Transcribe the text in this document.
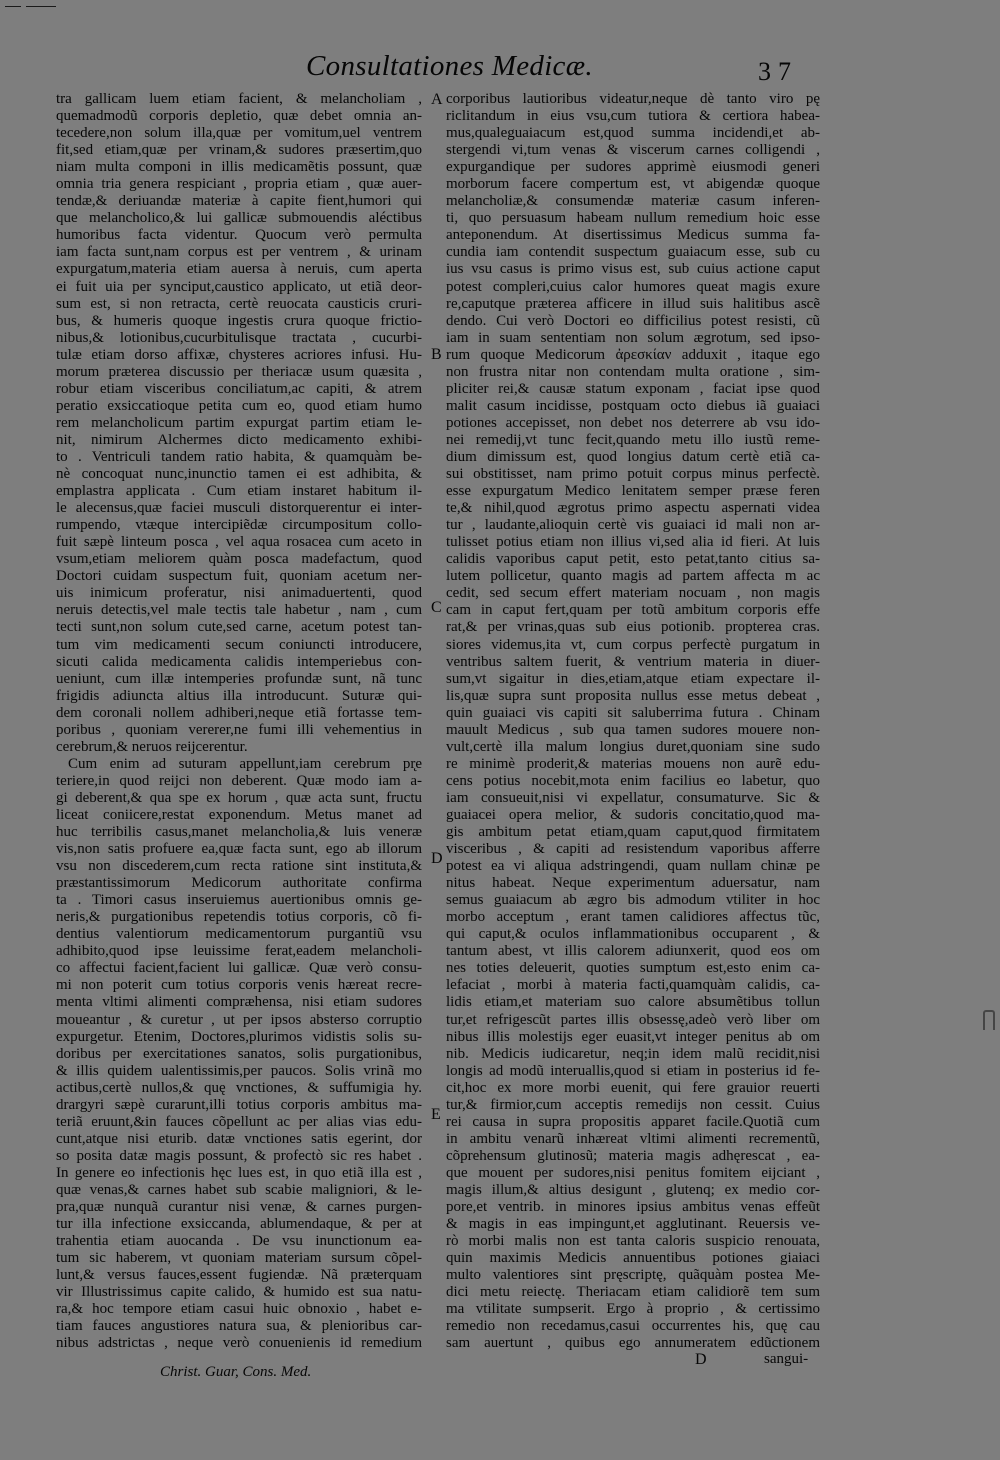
Consultationes Medicæ.	37
tra gallicam luem etiam facient, & melancholiam ,
quemadmodũ corporis depletio, quæ debet omnia an-
tecedere,non solum illa,quæ per vomitum,uel ventrem
fit,sed etiam,quæ per vrinam,& sudores præsertim,quo
niam multa componi in illis medicamẽtis possunt, quæ
omnia tria genera respiciant , propria etiam , quæ auer-
tendæ,& deriuandæ materiæ à capite fient,humori qui
que melancholico,& lui gallicæ submouendis aléctibus
humoribus facta videntur. Quocum verò permulta
iam facta sunt,nam corpus est per ventrem , & urinam
expurgatum,materia etiam auersa à neruis, cum aperta
ei fuit uia per synciput,caustico applicato, ut etiã deor-
sum est, si non retracta, certè reuocata causticis cruri-
bus, & humeris quoque ingestis crura quoque frictio-
nibus,& lotionibus,cucurbitulisque tractata , cucurbi-
tulæ etiam dorso affixæ, chysteres acriores infusi. Hu-
morum præterea discussio per theriacæ usum quæsita ,
robur etiam visceribus conciliatum,ac capiti, & atrem
peratio exsiccatioque petita cum eo, quod etiam humo
rem melancholicum partim expurgat partim etiam le-
nit, nimirum Alchermes dicto medicamento exhibi-
to . Ventriculi tandem ratio habita, & quamquàm be-
nè concoquat nunc,inunctio tamen ei est adhibita, &
emplastra applicata . Cum etiam instaret habitum il-
le alecensus,quæ faciei musculi distorquerentur ei inter-
rumpendo, vtæque intercipiẽdæ circumpositum collo-
fuit sæpè linteum posca , vel aqua rosacea cum aceto in
vsum,etiam meliorem quàm posca madefactum, quod
Doctori cuidam suspectum fuit, quoniam acetum ner-
uis inimicum proferatur, nisi animaduertenti, quod
neruis detectis,vel male tectis tale habetur , nam , cum
tecti sunt,non solum cute,sed carne, acetum potest tan-
tum vim medicamenti secum coniuncti introducere,
sicuti calida medicamenta calidis intemperiebus con-
ueniunt, cum illæ intemperies profundæ sunt, nã tunc
frigidis adiuncta altius illa introducunt. Suturæ qui-
dem coronali nollem adhiberi,neque etiã fortasse tem-
poribus , quoniam vererer,ne fumi illi vehementius in
cerebrum,& neruos reijcerentur.
Cum enim ad suturam appellunt,iam cerebrum pr̨e
teriere,in quod reijci non deberent. Quæ modo iam a-
gi deberent,& qua spe ex horum , quæ acta sunt, fructu
liceat coniicere,restat exponendum. Metus manet ad
huc terribilis casus,manet melancholia,& luis veneræ
vis,non satis profuere ea,quæ facta sunt, ego ab illorum
vsu non discederem,cum recta ratione sint instituta,&
præstantissimorum Medicorum authoritate confirma
ta . Timori casus inseruiemus auertionibus omnis ge-
neris,& purgationibus repetendis totius corporis, cõ fi-
dentius valentiorum medicamentorum purgantiũ vsu
adhibito,quod ipse leuissime ferat,eadem melancholi-
co affectui facient,facient lui gallicæ. Quæ verò consu-
mi non poterit cum totius corporis venis hæreat recre-
menta vltimi alimenti compræhensa, nisi etiam sudores
moueantur , & curetur , ut per ipsos absterso corruptio
expurgetur. Etenim, Doctores,plurimos vidistis solis su-
doribus per exercitationes sanatos, solis purgationibus,
& illis quidem ualentissimis,per paucos. Solis vrinã mo
actibus,certè nullos,& quę vnctiones, & suffumigia hy.
drargyri sæpè curarunt,illi totius corporis ambitus ma-
teriã eruunt,&in fauces cõpellunt ac per alias vias edu-
cunt,atque nisi eturib. datæ vnctiones satis egerint, dor
so posita datæ magis possunt, & profectò sic res habet .
In genere eo infectionis hęc lues est, in quo etiã illa est ,
quæ venas,& carnes habet sub scabie maligniori, & le-
pra,quæ nunquã curantur nisi venæ, & carnes purgen-
tur illa infectione exsiccanda, ablumendaque, & per at
trahentia etiam auocanda . De vsu inunctionum ea-
tum sic haberem, vt quoniam materiam sursum cõpel-
lunt,& versus fauces,essent fugiendæ. Nã præterquam
vir Illustrissimus capite calido, & humido est sua natu-
ra,& hoc tempore etiam casui huic obnoxio , habet e-
tiam fauces angustiores natura sua, & plenioribus car-
nibus adstrictas , neque verò conuenienis id remedium
A
B
C
D
E
corporibus lautioribus videatur,neque dè tanto viro pę
riclitandum in eius vsu,cum tutiora & certiora habea-
mus,qualeguaiacum est,quod summa incidendi,et ab-
stergendi vi,tum venas & viscerum carnes colligendi ,
expurgandique per sudores apprimè eiusmodi generi
morborum facere compertum est, vt abigendæ quoque
melancholiæ,& consumendæ materiæ casum inferen-
ti, quo persuasum habeam nullum remedium hoic esse
anteponendum. At disertissimus Medicus summa fa-
cundia iam contendit suspectum guaiacum esse, sub cu
ius vsu casus is primo visus est, sub cuius actione caput
potest compleri,cuius calor humores queat magis exure
re,caputque præterea afficere in illud suis halitibus ascẽ
dendo. Cui verò Doctori eo difficilius potest resisti, cũ
iam in suam sententiam non solum ægrotum, sed ipso-
rum quoque Medicorum ἀρεσκίαν adduxit , itaque ego
non frustra nitar non contendam multa oratione , sim-
pliciter rei,& causæ statum exponam , faciat ipse quod
malit casum incidisse, postquam octo diebus iã guaiaci
potiones accepisset, non debet nos deterrere ab vsu ido-
nei remedij,vt tunc fecit,quando metu illo iustũ reme-
dium dimissum est, quod longius datum certè etiã ca-
sui obstitisset, nam primo potuit corpus minus perfectè.
esse expurgatum Medico lenitatem semper præse feren
te,& nihil,quod ægrotus primo aspectu aspernati videa
tur , laudante,alioquin certè vis guaiaci id mali non ar-
tulisset potius etiam non illius vi,sed alia id fieri. At luis
calidis vaporibus caput petit, esto petat,tanto citius sa-
lutem pollicetur, quanto magis ad partem affecta m ac
cedit, sed secum effert materiam nocuam , non magis
cam in caput fert,quam per totũ ambitum corporis effe
rat,& per vrinas,quas sub eius potionib. propterea cras.
siores videmus,ita vt, cum corpus perfectè purgatum in
ventribus saltem fuerit, & ventrium materia in diuer-
sum,vt sigaitur in dies,etiam,atque etiam expectare il-
lis,quæ supra sunt proposita nullus esse metus debeat ,
quin guaiaci vis capiti sit saluberrima futura . Chinam
mauult Medicus , sub qua tamen sudores mouere non-
vult,certè illa malum longius duret,quoniam sine sudo
re minimè proderit,& materias mouens non aurẽ edu-
cens potius nocebit,mota enim facilius eo labetur, quo
iam consueuit,nisi vi expellatur, consumaturve. Sic &
guaiacei opera melior, & sudoris concitatio,quod ma-
gis ambitum petat etiam,quam caput,quod firmitatem
visceribus , & capiti ad resistendum vaporibus afferre
potest ea vi aliqua adstringendi, quam nullam chinæ pe
nitus habeat. Neque experimentum aduersatur, nam
semus guaiacum ab ægro bis admodum vtiliter in hoc
morbo acceptum , erant tamen calidiores affectus tũc,
qui caput,& oculos inflammationibus occuparent , &
tantum abest, vt illis calorem adiunxerit, quod eos om
nes toties deleuerit, quoties sumptum est,esto enim ca-
lefaciat , morbi à materia facti,quamquàm calidis, ca-
lidis etiam,et materiam suo calore absumẽtibus tollun
tur,et refrigescũt partes illis obsessę,adeò verò liber om
nibus illis molestijs eger euasit,vt integer penitus ab om
nib. Medicis iudicaretur, neq;in idem malũ recidit,nisi
longis ad modũ interuallis,quod si etiam in posterius id fe-
cit,hoc ex more morbi euenit, qui fere grauior reuerti
tur,& firmior,cum acceptis remedijs non cessit. Cuius
rei causa in supra propositis apparet facile.Quotiã cum
in ambitu venarũ inhæreat vltimi alimenti recrementũ,
cõprehensum glutinosũ; materia magis adhęrescat , ea-
que mouent per sudores,nisi penitus fomitem eijciant ,
magis illum,& altius desigunt , glutenq; ex medio cor-
pore,et ventrib. in minores ipsius ambitus venas effeũt
& magis in eas impingunt,et agglutinant. Reuersis ve-
rò morbi malis non est tanta caloris suspicio renouata,
quin maximis Medicis annuentibus potiones giaiaci
multo valentiores sint pręscriptę, quãquàm postea Me-
dici metu reiectę. Theriacam etiam calidiorẽ tem sum
ma vtilitate sumpserit. Ergo à proprio , & certissimo
remedio non recedamus,casui occurrentes his, quę cau
sam auertunt , quibus ego annumeratem edũctionem
Christ. Guar, Cons. Med.
D	sangui-
